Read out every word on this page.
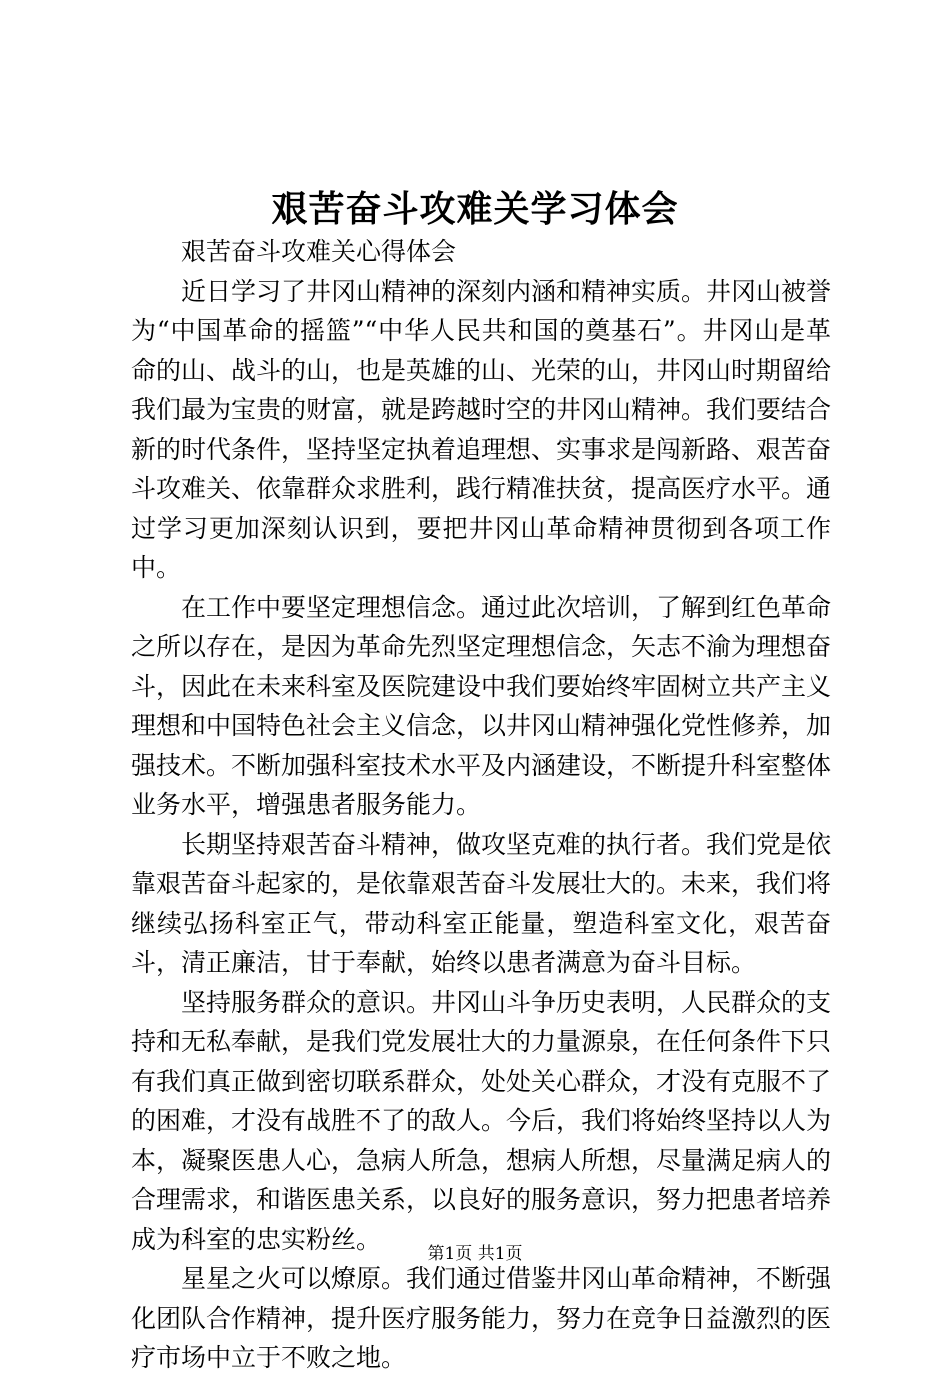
艰苦奋斗攻难关学习体会

艰苦奋斗攻难关心得体会

近日学习了井冈山精神的深刻内涵和精神实质。井冈山被誉为“中国革命的摇篮”“中华人民共和国的奠基石”。井冈山是革命的山、战斗的山，也是英雄的山、光荣的山，井冈山时期留给我们最为宝贵的财富，就是跨越时空的井冈山精神。我们要结合新的时代条件，坚持坚定执着追理想、实事求是闯新路、艰苦奋斗攻难关、依靠群众求胜利，践行精准扶贫，提高医疗水平。通过学习更加深刻认识到，要把井冈山革命精神贯彻到各项工作中。

在工作中要坚定理想信念。通过此次培训，了解到红色革命之所以存在，是因为革命先烈坚定理想信念，矢志不渝为理想奋斗，因此在未来科室及医院建设中我们要始终牢固树立共产主义理想和中国特色社会主义信念，以井冈山精神强化党性修养，加强技术。不断加强科室技术水平及内涵建设，不断提升科室整体业务水平，增强患者服务能力。

长期坚持艰苦奋斗精神，做攻坚克难的执行者。我们党是依靠艰苦奋斗起家的，是依靠艰苦奋斗发展壮大的。未来，我们将继续弘扬科室正气，带动科室正能量，塑造科室文化，艰苦奋斗，清正廉洁，甘于奉献，始终以患者满意为奋斗目标。

坚持服务群众的意识。井冈山斗争历史表明，人民群众的支持和无私奉献，是我们党发展壮大的力量源泉，在任何条件下只有我们真正做到密切联系群众，处处关心群众，才没有克服不了的困难，才没有战胜不了的敌人。今后，我们将始终坚持以人为本，凝聚医患人心，急病人所急，想病人所想，尽量满足病人的合理需求，和谐医患关系，以良好的服务意识，努力把患者培养成为科室的忠实粉丝。

星星之火可以燎原。我们通过借鉴井冈山革命精神，不断强化团队合作精神，提升医疗服务能力，努力在竞争日益激烈的医疗市场中立于不败之地。

第1页 共1页
